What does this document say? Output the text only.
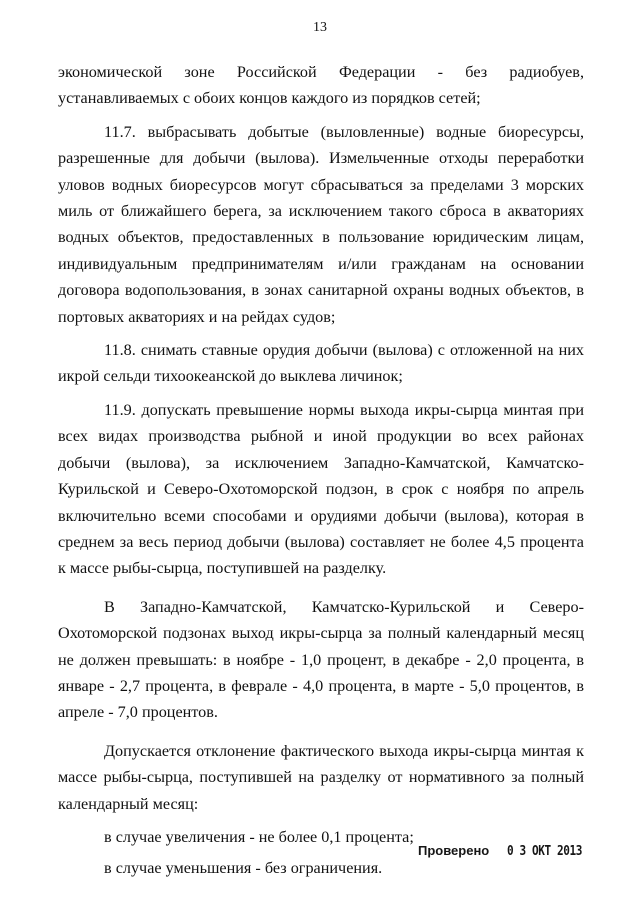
13

экономической зоне Российской Федерации - без радиобуев, устанавливаемых с обоих концов каждого из порядков сетей;

11.7. выбрасывать добытые (выловленные) водные биоресурсы, разрешенные для добычи (вылова). Измельченные отходы переработки уловов водных биоресурсов могут сбрасываться за пределами 3 морских миль от ближайшего берега, за исключением такого сброса в акваториях водных объектов, предоставленных в пользование юридическим лицам, индивидуальным предпринимателям и/или гражданам на основании договора водопользования, в зонах санитарной охраны водных объектов, в портовых акваториях и на рейдах судов;

11.8. снимать ставные орудия добычи (вылова) с отложенной на них икрой сельди тихоокеанской до выклева личинок;

11.9. допускать превышение нормы выхода икры-сырца минтая при всех видах производства рыбной и иной продукции во всех районах добычи (вылова), за исключением Западно-Камчатской, Камчатско-Курильской и Северо-Охотоморской подзон, в срок с ноября по апрель включительно всеми способами и орудиями добычи (вылова), которая в среднем за весь период добычи (вылова) составляет не более 4,5 процента к массе рыбы-сырца, поступившей на разделку.

В Западно-Камчатской, Камчатско-Курильской и Северо-Охотоморской подзонах выход икры-сырца за полный календарный месяц не должен превышать: в ноябре - 1,0 процент, в декабре - 2,0 процента, в январе - 2,7 процента, в феврале - 4,0 процента, в марте - 5,0 процентов, в апреле - 7,0 процентов.

Допускается отклонение фактического выхода икры-сырца минтая к массе рыбы-сырца, поступившей на разделку от нормативного за полный календарный месяц:

в случае увеличения - не более 0,1 процента;

в случае уменьшения - без ограничения.

Проверено 0 3 ОКТ 2013
